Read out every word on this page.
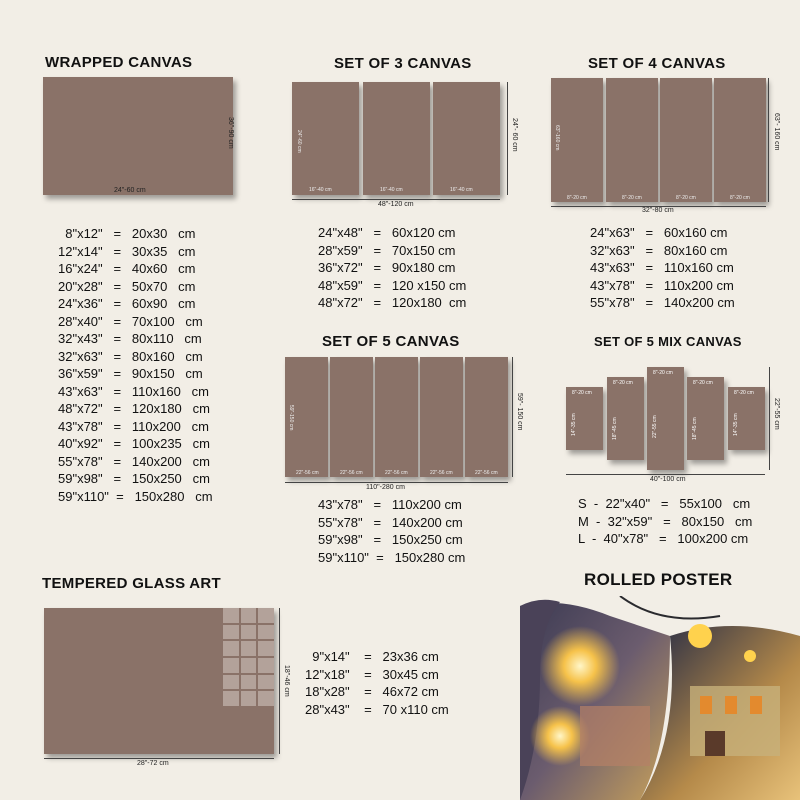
WRAPPED CANVAS
24"-60 cm
36"-90 cm
8"x12"   =   20x30   cm
12"x14"   =   30x35   cm
16"x24"   =   40x60   cm
20"x28"   =   50x70   cm
24"x36"   =   60x90   cm
28"x40"   =   70x100   cm
32"x43"   =   80x110   cm
32"x63"   =   80x160   cm
36"x59"   =   90x150   cm
43"x63"   =   110x160   cm
48"x72"   =   120x180   cm
43"x78"   =   110x200   cm
40"x92"   =   100x235   cm
55"x78"   =   140x200   cm
59"x98"   =   150x250   cm
59"x110"  =   150x280   cm
SET OF 3 CANVAS
16"-40 cm	16"-40 cm	16"-40 cm
24"-60 cm
48"-120 cm
24"- 60 cm
24"x48"   =   60x120 cm
28"x59"   =   70x150 cm
36"x72"   =   90x180 cm
48"x59"   =   120 x150 cm
48"x72"   =   120x180  cm
SET OF 4 CANVAS
8"-20 cm	8"-20 cm	8"-20 cm	8"-20 cm
63"-160 cm
32"-80 cm
63"- 160 cm
24"x63"   =   60x160 cm
32"x63"   =   80x160 cm
43"x63"   =   110x160 cm
43"x78"   =   110x200 cm
55"x78"   =   140x200 cm
SET OF 5 CANVAS
22"-56 cm	22"-56 cm	22"-56 cm	22"-56 cm	22"-56 cm
59"-150 cm
110"-280 cm
59"- 150 cm
43"x78"   =   110x200 cm
55"x78"   =   140x200 cm
59"x98"   =   150x250 cm
59"x110"  =   150x280 cm
SET OF 5 MIX CANVAS
8"-20 cm
8"-20 cm
8"-20 cm
8"-20 cm
8"-20 cm
14"-35 cm	18"-45 cm	22"-55 cm	18"-45 cm	14"-35 cm
40"-100 cm
22"-55 cm
S  -  22"x40"   =   55x100   cm
M  -  32"x59"   =   80x150   cm
L  -  40"x78"   =   100x200 cm
TEMPERED GLASS ART
28"-72 cm
18"-46 cm
9"x14"    =   23x36 cm
12"x18"    =   30x45 cm
18"x28"    =   46x72 cm
28"x43"    =   70 x110 cm
ROLLED POSTER
